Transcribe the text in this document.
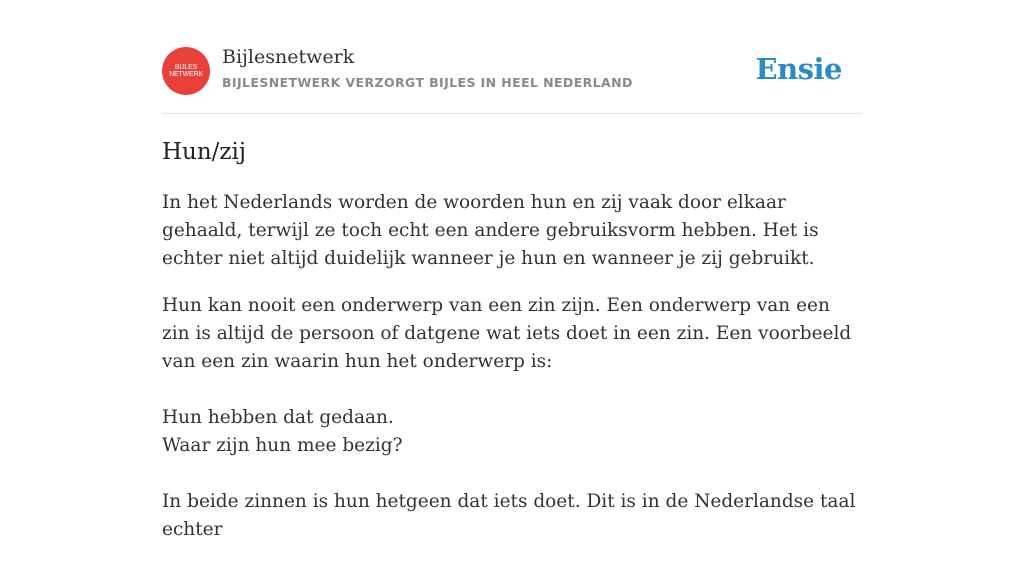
BIJLES
NETWERK
Bijlesnetwerk
BIJLESNETWERK VERZORGT BIJLES IN HEEL NEDERLAND	Ensie
Hun/zij

In het Nederlands worden de woorden hun en zij vaak door elkaar gehaald, terwijl ze toch echt een andere gebruiksvorm hebben. Het is echter niet altijd duidelijk wanneer je hun en wanneer je zij gebruikt.

Hun kan nooit een onderwerp van een zin zijn. Een onderwerp van een zin is altijd de persoon of datgene wat iets doet in een zin. Een voorbeeld van een zin waarin hun het onderwerp is:
Hun hebben dat gedaan.
Waar zijn hun mee bezig?
In beide zinnen is hun hetgeen dat iets doet. Dit is in de Nederlandse taal echter
